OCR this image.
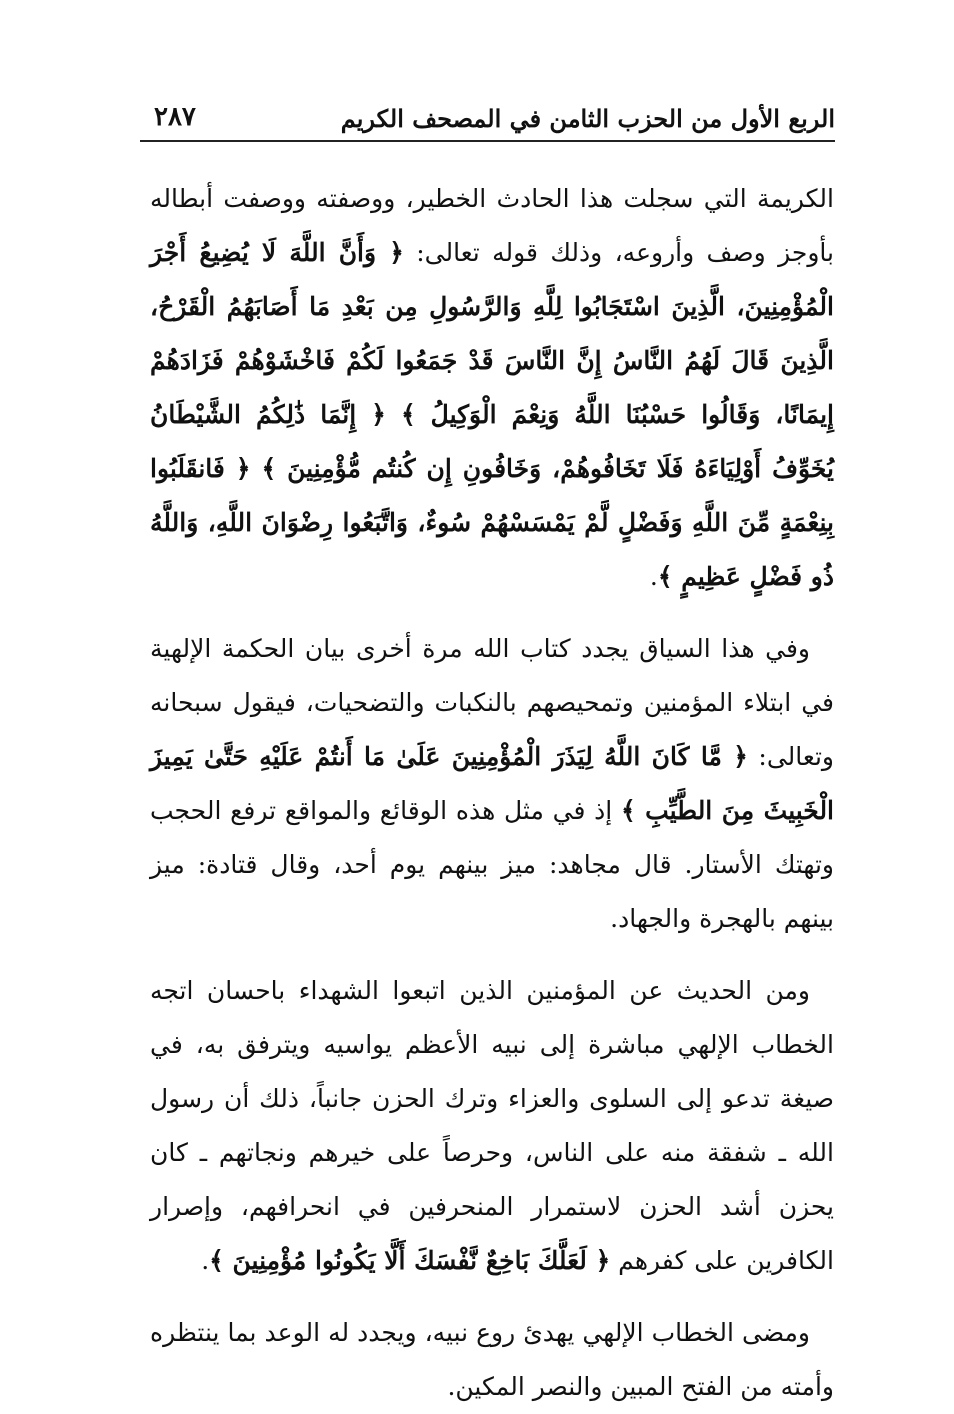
الربع الأول من الحزب الثامن في المصحف الكريم
٢٨٧

الكريمة التي سجلت هذا الحادث الخطير، ووصفته ووصفت أبطاله بأوجز وصف وأروعه، وذلك قوله تعالى: ﴿ وَأَنَّ اللَّهَ لَا يُضِيعُ أَجْرَ الْمُؤْمِنِينَ، الَّذِينَ اسْتَجَابُوا لِلَّهِ وَالرَّسُولِ مِن بَعْدِ مَا أَصَابَهُمُ الْقَرْحُ، الَّذِينَ قَالَ لَهُمُ النَّاسُ إِنَّ النَّاسَ قَدْ جَمَعُوا لَكُمْ فَاخْشَوْهُمْ فَزَادَهُمْ إِيمَانًا، وَقَالُوا حَسْبُنَا اللَّهُ وَنِعْمَ الْوَكِيلُ ﴾ ﴿ إِنَّمَا ذَٰلِكُمُ الشَّيْطَانُ يُخَوِّفُ أَوْلِيَاءَهُ فَلَا تَخَافُوهُمْ، وَخَافُونِ إِن كُنتُم مُّؤْمِنِينَ ﴾ ﴿ فَانقَلَبُوا بِنِعْمَةٍ مِّنَ اللَّهِ وَفَضْلٍ لَّمْ يَمْسَسْهُمْ سُوءٌ، وَاتَّبَعُوا رِضْوَانَ اللَّهِ، وَاللَّهُ ذُو فَضْلٍ عَظِيمٍ ﴾.

وفي هذا السياق يجدد كتاب الله مرة أخرى بيان الحكمة الإلهية في ابتلاء المؤمنين وتمحيصهم بالنكبات والتضحيات، فيقول سبحانه وتعالى: ﴿ مَّا كَانَ اللَّهُ لِيَذَرَ الْمُؤْمِنِينَ عَلَىٰ مَا أَنتُمْ عَلَيْهِ حَتَّىٰ يَمِيزَ الْخَبِيثَ مِنَ الطَّيِّبِ ﴾ إذ في مثل هذه الوقائع والمواقع ترفع الحجب وتهتك الأستار. قال مجاهد: ميز بينهم يوم أحد، وقال قتادة: ميز بينهم بالهجرة والجهاد.

ومن الحديث عن المؤمنين الذين اتبعوا الشهداء باحسان اتجه الخطاب الإلهي مباشرة إلى نبيه الأعظم يواسيه ويترفق به، في صيغة تدعو إلى السلوى والعزاء وترك الحزن جانباً، ذلك أن رسول الله ـ شفقة منه على الناس، وحرصاً على خيرهم ونجاتهم ـ كان يحزن أشد الحزن لاستمرار المنحرفين في انحرافهم، وإصرار الكافرين على كفرهم ﴿ لَعَلَّكَ بَاخِعٌ نَّفْسَكَ أَلَّا يَكُونُوا مُؤْمِنِينَ ﴾.

ومضى الخطاب الإلهي يهدئ روع نبيه، ويجدد له الوعد بما ينتظره وأمته من الفتح المبين والنصر المكين.
